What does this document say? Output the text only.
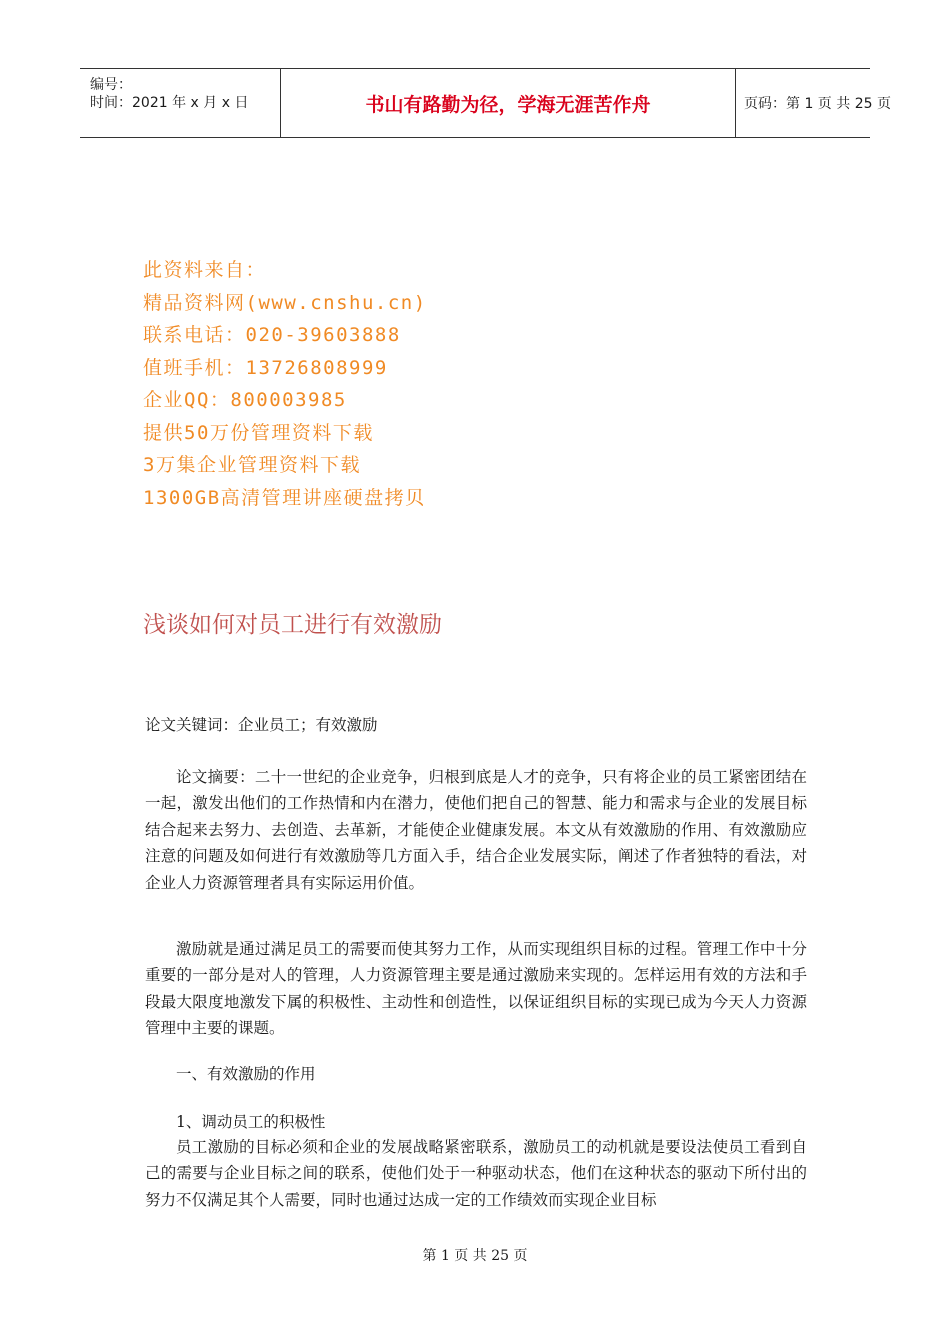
编号：
时间：2021 年 x 月 x 日	书山有路勤为径，学海无涯苦作舟	页码：第 1 页 共 25 页
此资料来自：
精品资料网(www.cnshu.cn)
联系电话：020-39603888
值班手机：13726808999
企业QQ：800003985
提供50万份管理资料下载
3万集企业管理资料下载
1300GB高清管理讲座硬盘拷贝
浅谈如何对员工进行有效激励
论文关键词：企业员工；有效激励
论文摘要：二十一世纪的企业竞争，归根到底是人才的竞争，只有将企业的员工紧密团结在一起，激发出他们的工作热情和内在潜力，使他们把自己的智慧、能力和需求与企业的发展目标结合起来去努力、去创造、去革新，才能使企业健康发展。本文从有效激励的作用、有效激励应注意的问题及如何进行有效激励等几方面入手，结合企业发展实际，阐述了作者独特的看法，对企业人力资源管理者具有实际运用价值。
激励就是通过满足员工的需要而使其努力工作，从而实现组织目标的过程。管理工作中十分重要的一部分是对人的管理，人力资源管理主要是通过激励来实现的。怎样运用有效的方法和手段最大限度地激发下属的积极性、主动性和创造性，以保证组织目标的实现已成为今天人力资源管理中主要的课题。
一、有效激励的作用
1、调动员工的积极性
员工激励的目标必须和企业的发展战略紧密联系，激励员工的动机就是要设法使员工看到自己的需要与企业目标之间的联系，使他们处于一种驱动状态，他们在这种状态的驱动下所付出的努力不仅满足其个人需要，同时也通过达成一定的工作绩效而实现企业目标
第 1 页 共 25 页
